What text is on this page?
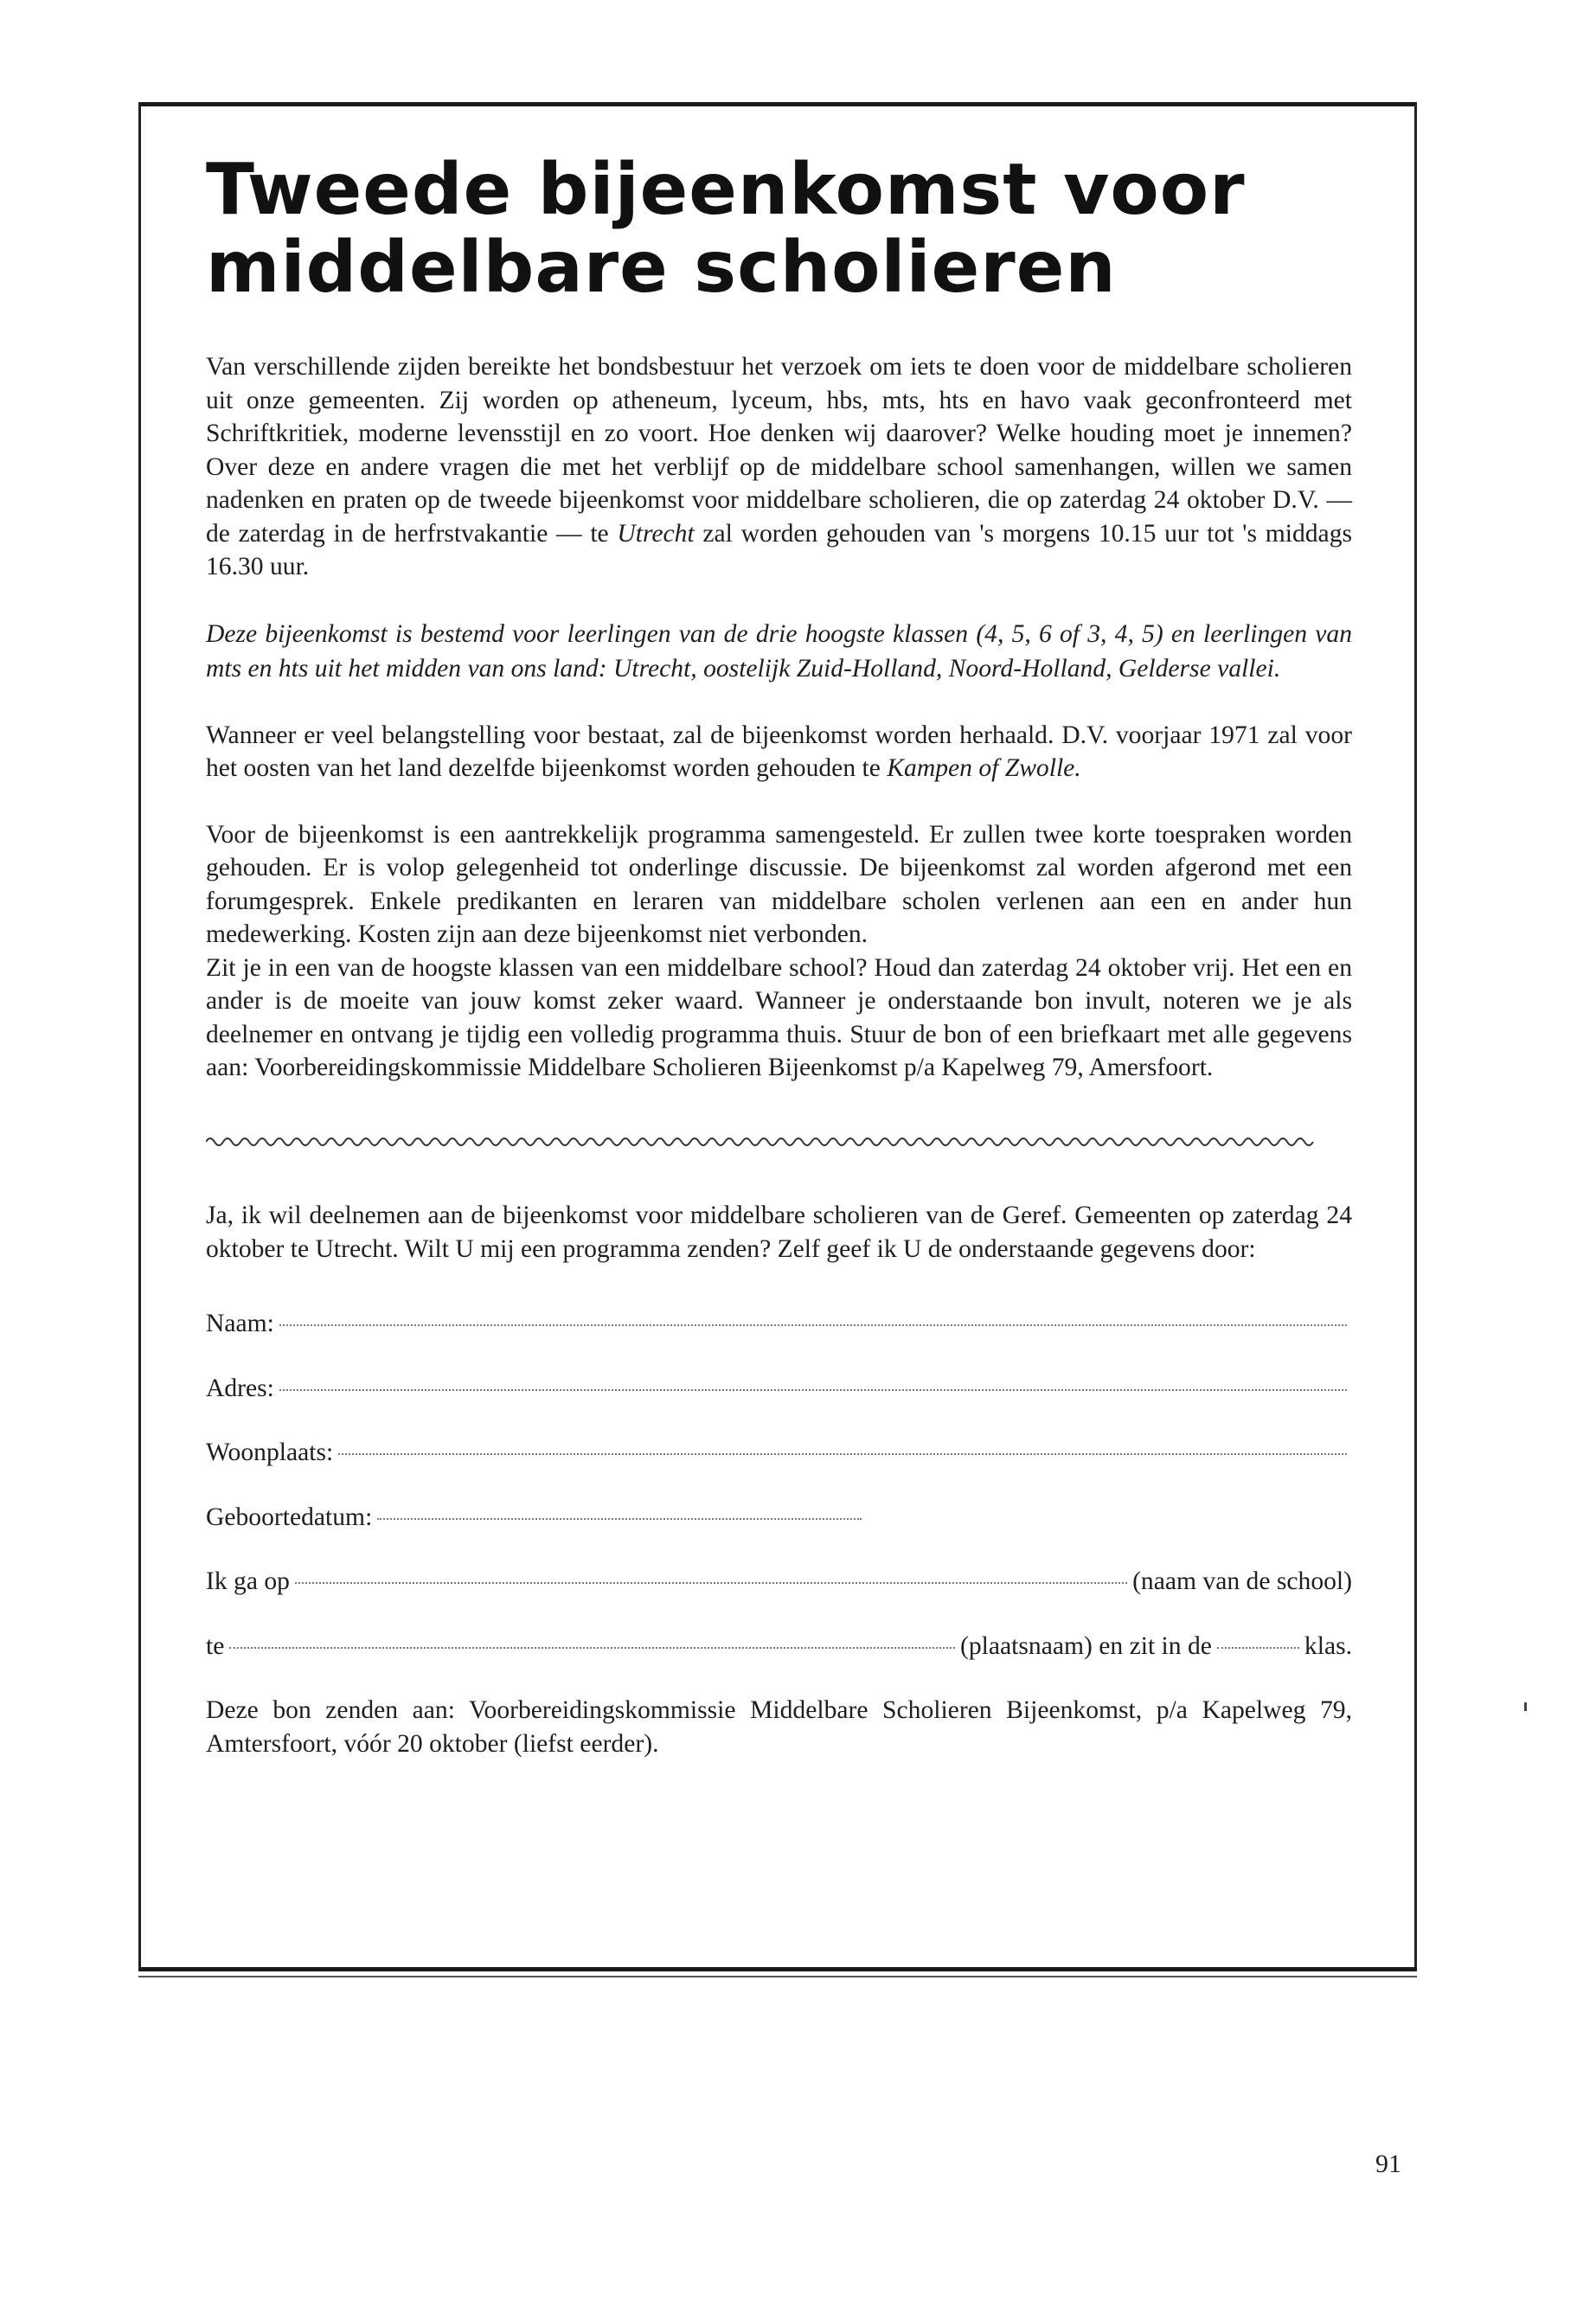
Tweede bijeenkomst voor middelbare scholieren

Van verschillende zijden bereikte het bondsbestuur het verzoek om iets te doen voor de middelbare scholieren uit onze gemeenten. Zij worden op atheneum, lyceum, hbs, mts, hts en havo vaak geconfronteerd met Schriftkritiek, moderne levensstijl en zo voort. Hoe denken wij daarover? Welke houding moet je innemen? Over deze en andere vragen die met het verblijf op de middelbare school samenhangen, willen we samen nadenken en praten op de tweede bijeenkomst voor middelbare scholieren, die op zaterdag 24 oktober D.V. — de zaterdag in de herfrstvakantie — te Utrecht zal worden gehouden van 's morgens 10.15 uur tot 's middags 16.30 uur.

Deze bijeenkomst is bestemd voor leerlingen van de drie hoogste klassen (4, 5, 6 of 3, 4, 5) en leerlingen van mts en hts uit het midden van ons land: Utrecht, oostelijk Zuid-Holland, Noord-Holland, Gelderse vallei.

Wanneer er veel belangstelling voor bestaat, zal de bijeenkomst worden herhaald. D.V. voorjaar 1971 zal voor het oosten van het land dezelfde bijeenkomst worden gehouden te Kampen of Zwolle.

Voor de bijeenkomst is een aantrekkelijk programma samengesteld. Er zullen twee korte toespraken worden gehouden. Er is volop gelegenheid tot onderlinge discussie. De bijeenkomst zal worden afgerond met een forumgesprek. Enkele predikanten en leraren van middelbare scholen verlenen aan een en ander hun medewerking. Kosten zijn aan deze bijeenkomst niet verbonden.

Zit je in een van de hoogste klassen van een middelbare school? Houd dan zaterdag 24 oktober vrij. Het een en ander is de moeite van jouw komst zeker waard. Wanneer je onderstaande bon invult, noteren we je als deelnemer en ontvang je tijdig een volledig programma thuis. Stuur de bon of een briefkaart met alle gegevens aan: Voorbereidingskommissie Middelbare Scholieren Bijeenkomst p/a Kapelweg 79, Amersfoort.

Ja, ik wil deelnemen aan de bijeenkomst voor middelbare scholieren van de Geref. Gemeenten op zaterdag 24 oktober te Utrecht. Wilt U mij een programma zenden? Zelf geef ik U de onderstaande gegevens door:

Naam:
Adres:
Woonplaats:
Geboortedatum:
Ik ga op	(naam van de school)
te	(plaatsnaam) en zit in de	klas.

Deze bon zenden aan: Voorbereidingskommissie Middelbare Scholieren Bijeenkomst, p/a Kapelweg 79, Amtersfoort, vóór 20 oktober (liefst eerder).

91
